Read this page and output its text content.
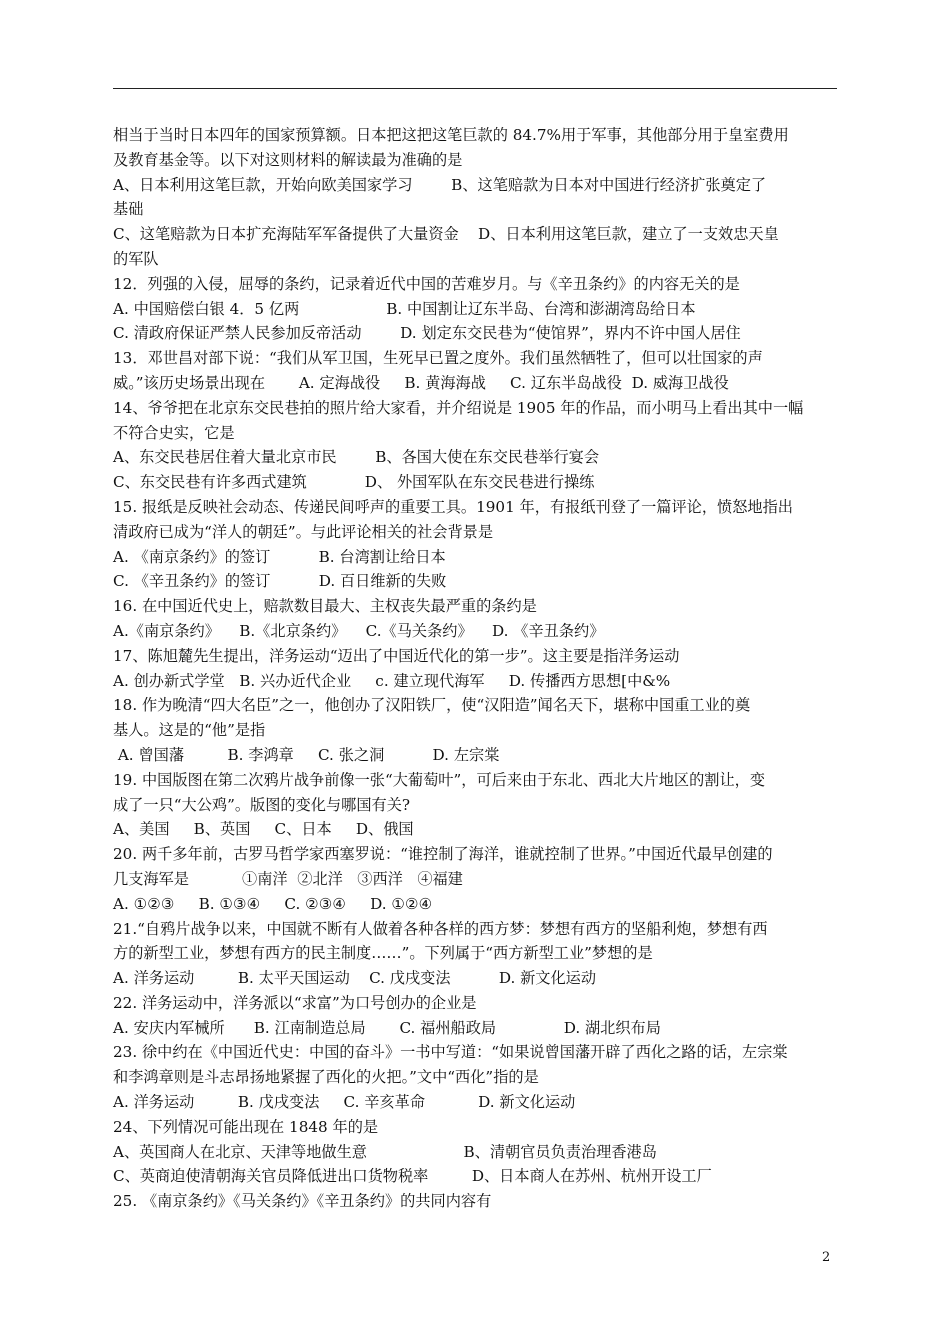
相当于当时日本四年的国家预算额。日本把这把这笔巨款的 84.7%用于军事，其他部分用于皇室费用
及教育基金等。以下对这则材料的解读最为准确的是
A、日本利用这笔巨款，开始向欧美国家学习        B、这笔赔款为日本对中国进行经济扩张奠定了
基础
C、这笔赔款为日本扩充海陆军军备提供了大量资金    D、日本利用这笔巨款，建立了一支效忠天皇
的军队
12．列强的入侵，屈辱的条约，记录着近代中国的苦难岁月。与《辛丑条约》的内容无关的是
A. 中国赔偿白银 4．5 亿两                  B. 中国割让辽东半岛、台湾和澎湖湾岛给日本
C. 清政府保证严禁人民参加反帝活动        D. 划定东交民巷为“使馆界”，界内不许中国人居住
13．邓世昌对部下说：“我们从军卫国，生死早已置之度外。我们虽然牺牲了，但可以壮国家的声
威。”该历史场景出现在       A. 定海战役     B. 黄海海战     C. 辽东半岛战役  D. 威海卫战役
14、爷爷把在北京东交民巷拍的照片给大家看，并介绍说是 1905 年的作品，而小明马上看出其中一幅
不符合史实，它是
A、东交民巷居住着大量北京市民        B、各国大使在东交民巷举行宴会
C、东交民巷有许多西式建筑            D、 外国军队在东交民巷进行操练
15. 报纸是反映社会动态、传递民间呼声的重要工具。1901 年，有报纸刊登了一篇评论，愤怒地指出
清政府已成为“洋人的朝廷”。与此评论相关的社会背景是
A. 《南京条约》的签订          B. 台湾割让给日本
C. 《辛丑条约》的签订          D. 百日维新的失败
16. 在中国近代史上，赔款数目最大、主权丧失最严重的条约是
A.《南京条约》    B.《北京条约》    C.《马关条约》    D. 《辛丑条约》
17、陈旭麓先生提出，洋务运动“迈出了中国近代化的第一步”。这主要是指洋务运动
A. 创办新式学堂   B. 兴办近代企业     c. 建立现代海军     D. 传播西方思想[中&%
18. 作为晚清“四大名臣”之一，他创办了汉阳铁厂，使“汉阳造”闻名天下，堪称中国重工业的奠
基人。这是的“他”是指
A. 曾国藩         B. 李鸿章     C. 张之洞          D. 左宗棠
19. 中国版图在第二次鸦片战争前像一张“大葡萄叶”，可后来由于东北、西北大片地区的割让，变
成了一只“大公鸡”。版图的变化与哪国有关?
A、美国     B、英国     C、日本     D、俄国
20. 两千多年前，古罗马哲学家西塞罗说：“谁控制了海洋，谁就控制了世界。”中国近代最早创建的
几支海军是           ①南洋  ②北洋   ③西洋   ④福建
A. ①②③     B. ①③④     C. ②③④     D. ①②④
21.“自鸦片战争以来，中国就不断有人做着各种各样的西方梦：梦想有西方的坚船利炮，梦想有西
方的新型工业，梦想有西方的民主制度……”。下列属于“西方新型工业”梦想的是
A. 洋务运动         B. 太平天国运动    C. 戊戌变法          D. 新文化运动
22. 洋务运动中，洋务派以“求富”为口号创办的企业是
A. 安庆内军械所      B. 江南制造总局       C. 福州船政局              D. 湖北织布局
23. 徐中约在《中国近代史：中国的奋斗》一书中写道：“如果说曾国藩开辟了西化之路的话，左宗棠
和李鸿章则是斗志昂扬地紧握了西化的火把。”文中“西化”指的是
A. 洋务运动         B. 戊戌变法     C. 辛亥革命           D. 新文化运动
24、下列情况可能出现在 1848 年的是
A、英国商人在北京、天津等地做生意                    B、清朝官员负责治理香港岛
C、英商迫使清朝海关官员降低进出口货物税率         D、日本商人在苏州、杭州开设工厂
25. 《南京条约》《马关条约》《辛丑条约》的共同内容有
2
